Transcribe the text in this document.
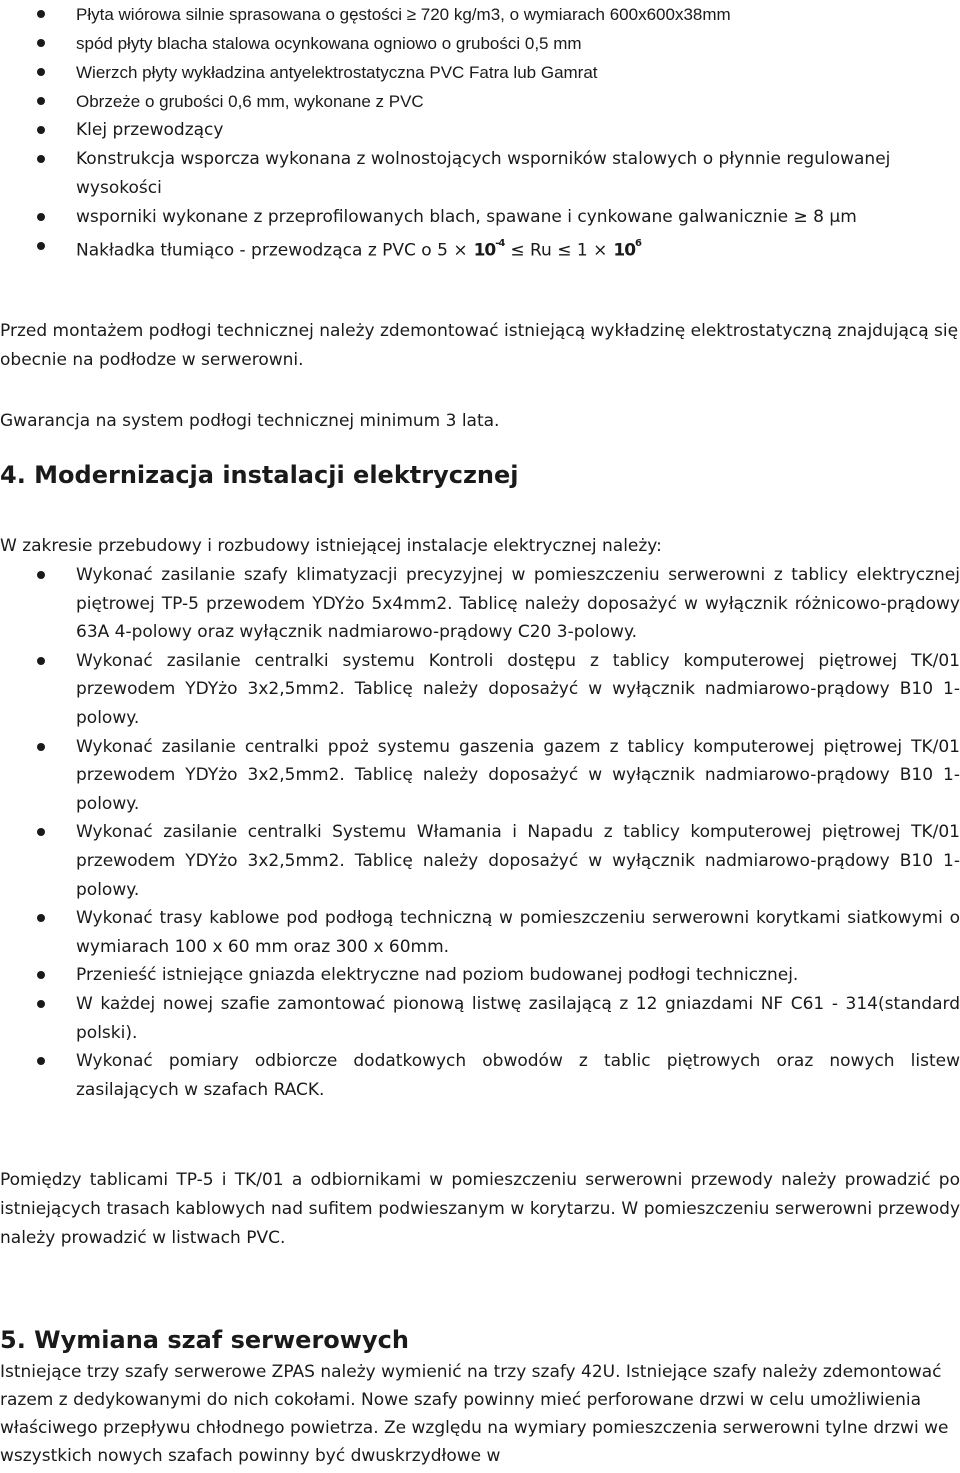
Płyta wiórowa silnie sprasowana o gęstości ≥ 720 kg/m3, o wymiarach 600x600x38mm
spód płyty blacha stalowa ocynkowana ogniowo o grubości 0,5 mm
Wierzch płyty wykładzina antyelektrostatyczna PVC Fatra lub Gamrat
Obrzeże o grubości 0,6 mm, wykonane z PVC
Klej przewodzący
Konstrukcja wsporcza wykonana z wolnostojących wsporników stalowych o płynnie regulowanej wysokości
wsporniki wykonane z przeprofilowanych blach, spawane i cynkowane galwanicznie ≥ 8 µm
Nakładka tłumiąco - przewodząca z PVC o $5 \times 10^{-4} \le Ru \le 1 \times 10^6$

Przed montażem podłogi technicznej należy zdemontować istniejącą wykładzinę elektrostatyczną znajdującą się obecnie na podłodze w serwerowni.

Gwarancja na system podłogi technicznej minimum 3 lata.

4. Modernizacja instalacji elektrycznej

W zakresie przebudowy i rozbudowy istniejącej instalacje elektrycznej należy:

Wykonać zasilanie szafy klimatyzacji precyzyjnej w pomieszczeniu serwerowni z tablicy elektrycznej piętrowej TP-5 przewodem YDYżo 5x4mm2. Tablicę należy doposażyć w wyłącznik różnicowo-prądowy 63A 4-polowy oraz wyłącznik nadmiarowo-prądowy C20 3-polowy.
Wykonać zasilanie centralki systemu Kontroli dostępu z tablicy komputerowej piętrowej TK/01 przewodem YDYżo 3x2,5mm2. Tablicę należy doposażyć w wyłącznik nadmiarowo-prądowy B10 1-polowy.
Wykonać zasilanie centralki ppoż systemu gaszenia gazem z tablicy komputerowej piętrowej TK/01 przewodem YDYżo 3x2,5mm2. Tablicę należy doposażyć w wyłącznik nadmiarowo-prądowy B10 1-polowy.
Wykonać zasilanie centralki Systemu Włamania i Napadu z tablicy komputerowej piętrowej TK/01 przewodem YDYżo 3x2,5mm2. Tablicę należy doposażyć w wyłącznik nadmiarowo-prądowy B10 1-polowy.
Wykonać trasy kablowe pod podłogą techniczną w pomieszczeniu serwerowni korytkami siatkowymi o wymiarach 100 x 60 mm oraz 300 x 60mm.
Przenieść istniejące gniazda elektryczne nad poziom budowanej podłogi technicznej.
W każdej nowej szafie zamontować pionową listwę zasilającą z 12 gniazdami NF C61 - 314(standard polski).
Wykonać pomiary odbiorcze dodatkowych obwodów z tablic piętrowych oraz nowych listew zasilających w szafach RACK.

Pomiędzy tablicami TP-5 i TK/01 a odbiornikami w pomieszczeniu serwerowni przewody należy prowadzić po istniejących trasach kablowych nad sufitem podwieszanym w korytarzu. W pomieszczeniu serwerowni przewody należy prowadzić w listwach PVC.

5. Wymiana szaf serwerowych

Istniejące trzy szafy serwerowe ZPAS należy wymienić na trzy szafy 42U. Istniejące szafy należy zdemontować razem z dedykowanymi do nich cokołami. Nowe szafy powinny mieć perforowane drzwi w celu umożliwienia właściwego przepływu chłodnego powietrza. Ze względu na wymiary pomieszczenia serwerowni tylne drzwi we wszystkich nowych szafach powinny być dwuskrzydłowe w
